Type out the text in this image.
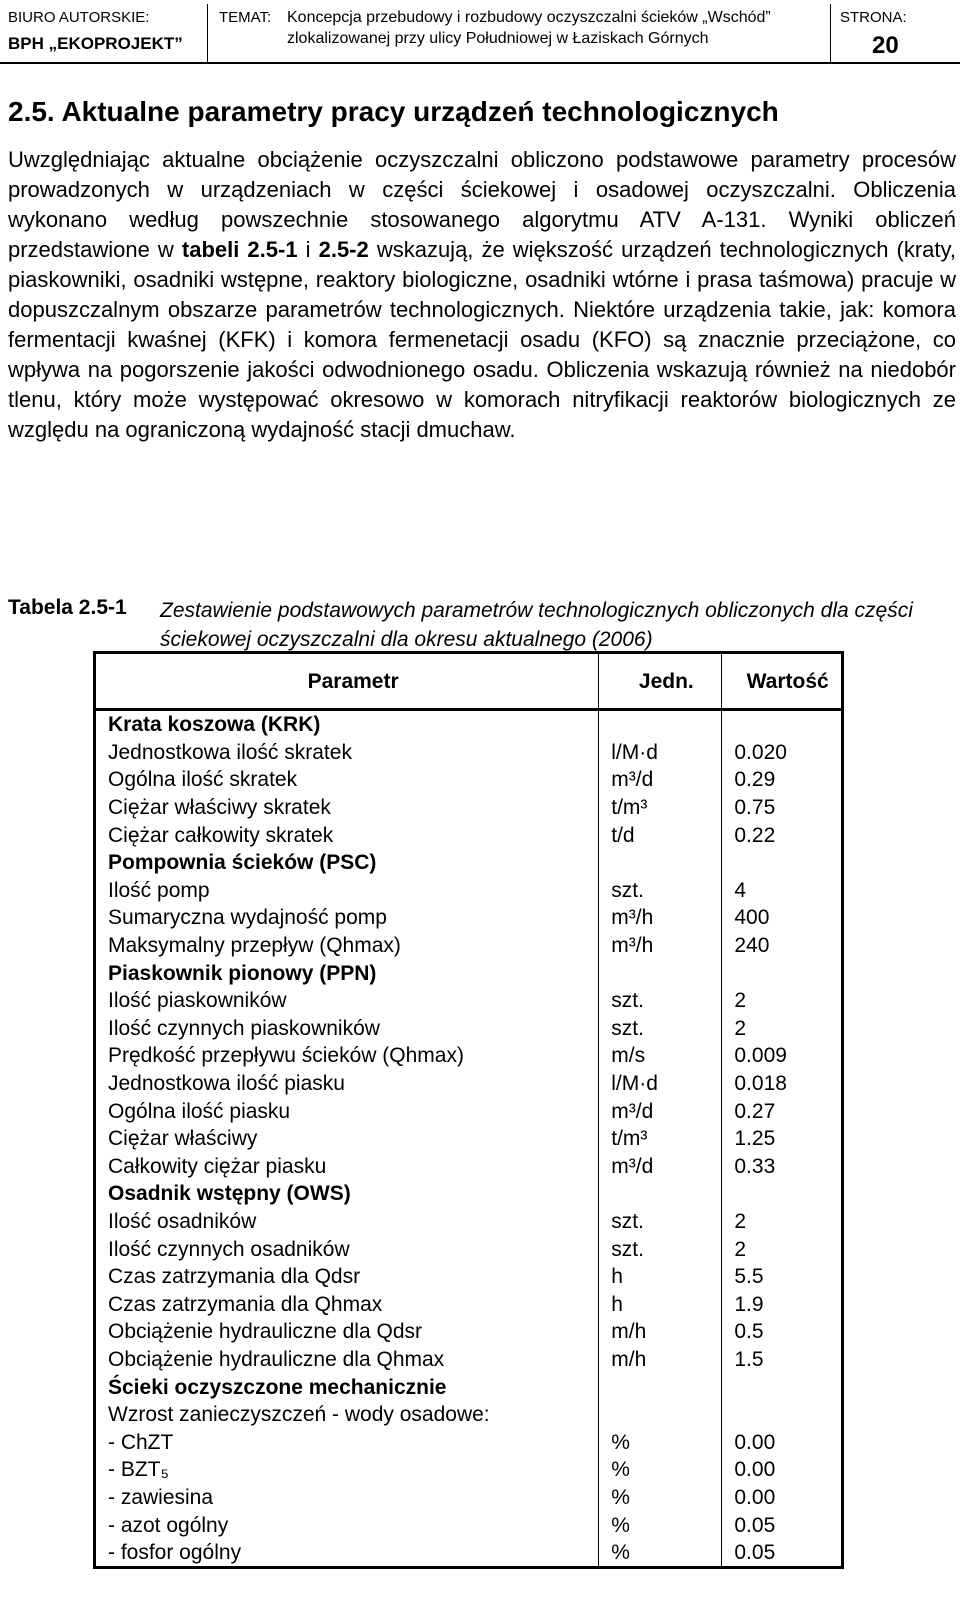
BIURO AUTORSKIE:
BPH „EKOPROJEKT”
TEMAT: Koncepcja przebudowy i rozbudowy oczyszczalni ścieków „Wschód”
zlokalizowanej przy ulicy Południowej w Łaziskach Górnych
STRONA:
20
2.5. Aktualne parametry pracy urządzeń technologicznych
Uwzględniając aktualne obciążenie oczyszczalni obliczono podstawowe parametry procesów prowadzonych w urządzeniach w części ściekowej i osadowej oczyszczalni. Obliczenia wykonano według powszechnie stosowanego algorytmu ATV A-131. Wyniki obliczeń przedstawione w tabeli 2.5-1 i 2.5-2 wskazują, że większość urządzeń technologicznych (kraty, piaskowniki, osadniki wstępne, reaktory biologiczne, osadniki wtórne i prasa taśmowa) pracuje w dopuszczalnym obszarze parametrów technologicznych. Niektóre urządzenia takie, jak: komora fermentacji kwaśnej (KFK) i komora fermenetacji osadu (KFO) są znacznie przeciążone, co wpływa na pogorszenie jakości odwodnionego osadu. Obliczenia wskazują również na niedobór tlenu, który może występować okresowo w komorach nitryfikacji reaktorów biologicznych ze względu na ograniczoną wydajność stacji dmuchaw.
Tabela 2.5-1 Zestawienie podstawowych parametrów technologicznych obliczonych dla części ściekowej oczyszczalni dla okresu aktualnego (2006)
Parametr	Jedn.	Wartość
Krata koszowa (KRK)		
Jednostkowa ilość skratek	l/M·d	0.020
Ogólna ilość skratek	m³/d	0.29
Ciężar właściwy skratek	t/m³	0.75
Ciężar całkowity skratek	t/d	0.22
Pompownia ścieków (PSC)		
Ilość pomp	szt.	4
Sumaryczna wydajność pomp	m³/h	400
Maksymalny przepływ (Qhmax)	m³/h	240
Piaskownik pionowy (PPN)		
Ilość piaskowników	szt.	2
Ilość czynnych piaskowników	szt.	2
Prędkość przepływu ścieków (Qhmax)	m/s	0.009
Jednostkowa ilość piasku	l/M·d	0.018
Ogólna ilość piasku	m³/d	0.27
Ciężar właściwy	t/m³	1.25
Całkowity ciężar piasku	m³/d	0.33
Osadnik wstępny (OWS)		
Ilość osadników	szt.	2
Ilość czynnych osadników	szt.	2
Czas zatrzymania dla Qdsr	h	5.5
Czas zatrzymania dla Qhmax	h	1.9
Obciążenie hydrauliczne dla Qdsr	m/h	0.5
Obciążenie hydrauliczne dla Qhmax	m/h	1.5
Ścieki oczyszczone mechanicznie		
Wzrost zanieczyszczeń - wody osadowe:		
- ChZT	%	0.00
- BZT₅	%	0.00
- zawiesina	%	0.00
- azot ogólny	%	0.05
- fosfor ogólny	%	0.05
